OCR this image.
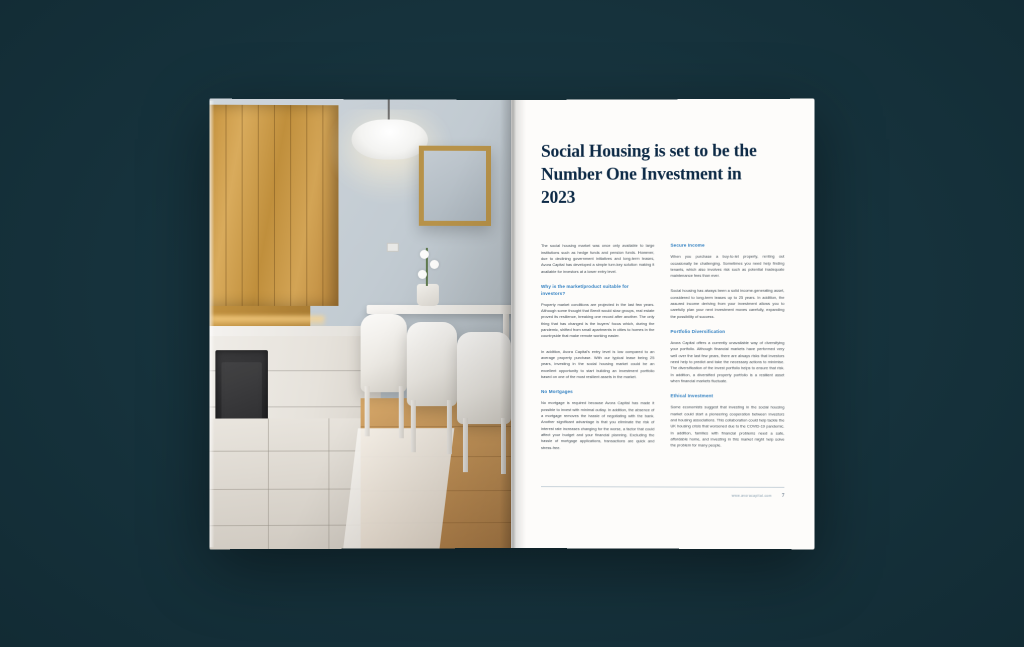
Social Housing is set to be the Number One Investment in 2023

The social housing market was once only available to large institutions such as hedge funds and pension funds. However, due to declining government initiatives and long-term leases, Avora Capital has developed a simple turn-key solution making it available for investors at a lower entry level.

Why is the market/product suitable for investors?

Property market conditions are projected in the last few years. Although some thought that Brexit would slow groups, real estate proved its resilience, breaking one record after another. The only thing that has changed is the buyers' focus which, during the pandemic, shifted from small apartments in cities to homes in the countryside that make remote working easier.

In addition, Avora Capital's entry level is low compared to an average property purchase. With our typical lease being 25 years, investing in the social housing market could be an excellent opportunity to start building an investment portfolio based on one of the most resilient assets in the market.

No Mortgages

No mortgage is required because Avora Capital has made it possible to invest with minimal outlay. In addition, the absence of a mortgage removes the hassle of negotiating with the bank. Another significant advantage is that you eliminate the risk of interest rate increases changing for the worse, a factor that could affect your budget and your financial planning. Excluding the hassle of mortgage applications, transactions are quick and stress-free.

Secure Income

When you purchase a buy-to-let property, renting out occasionally be challenging. Sometimes you need help finding tenants, which also involves risk such as potential inadequate maintenance fees than ever.

Social housing has always been a solid income-generating asset, considered to long-term leases up to 25 years. In addition, the assured income deriving from your investment allows you to carefully plan your next investment moves carefully, expanding the possibility of success.

Portfolio Diversification

Avora Capital offers a currently unavailable way of diversifying your portfolio. Although financial markets have performed very well over the last few years, there are always risks that investors need help to predict and take the necessary actions to minimise. The diversification of the invest portfolio helps to ensure that risk. In addition, a diversified property portfolio is a resilient asset when financial markets fluctuate.

Ethical Investment

Some economists suggest that investing in the social housing market could start a pioneering cooperation between investors and housing associations. This collaboration could help tackle the UK housing crisis that worsened due to the COVID-19 pandemic. In addition, families with financial problems need a safe, affordable home, and investing in this market might help solve the problem for many people.

www.avoracapital.com 7
